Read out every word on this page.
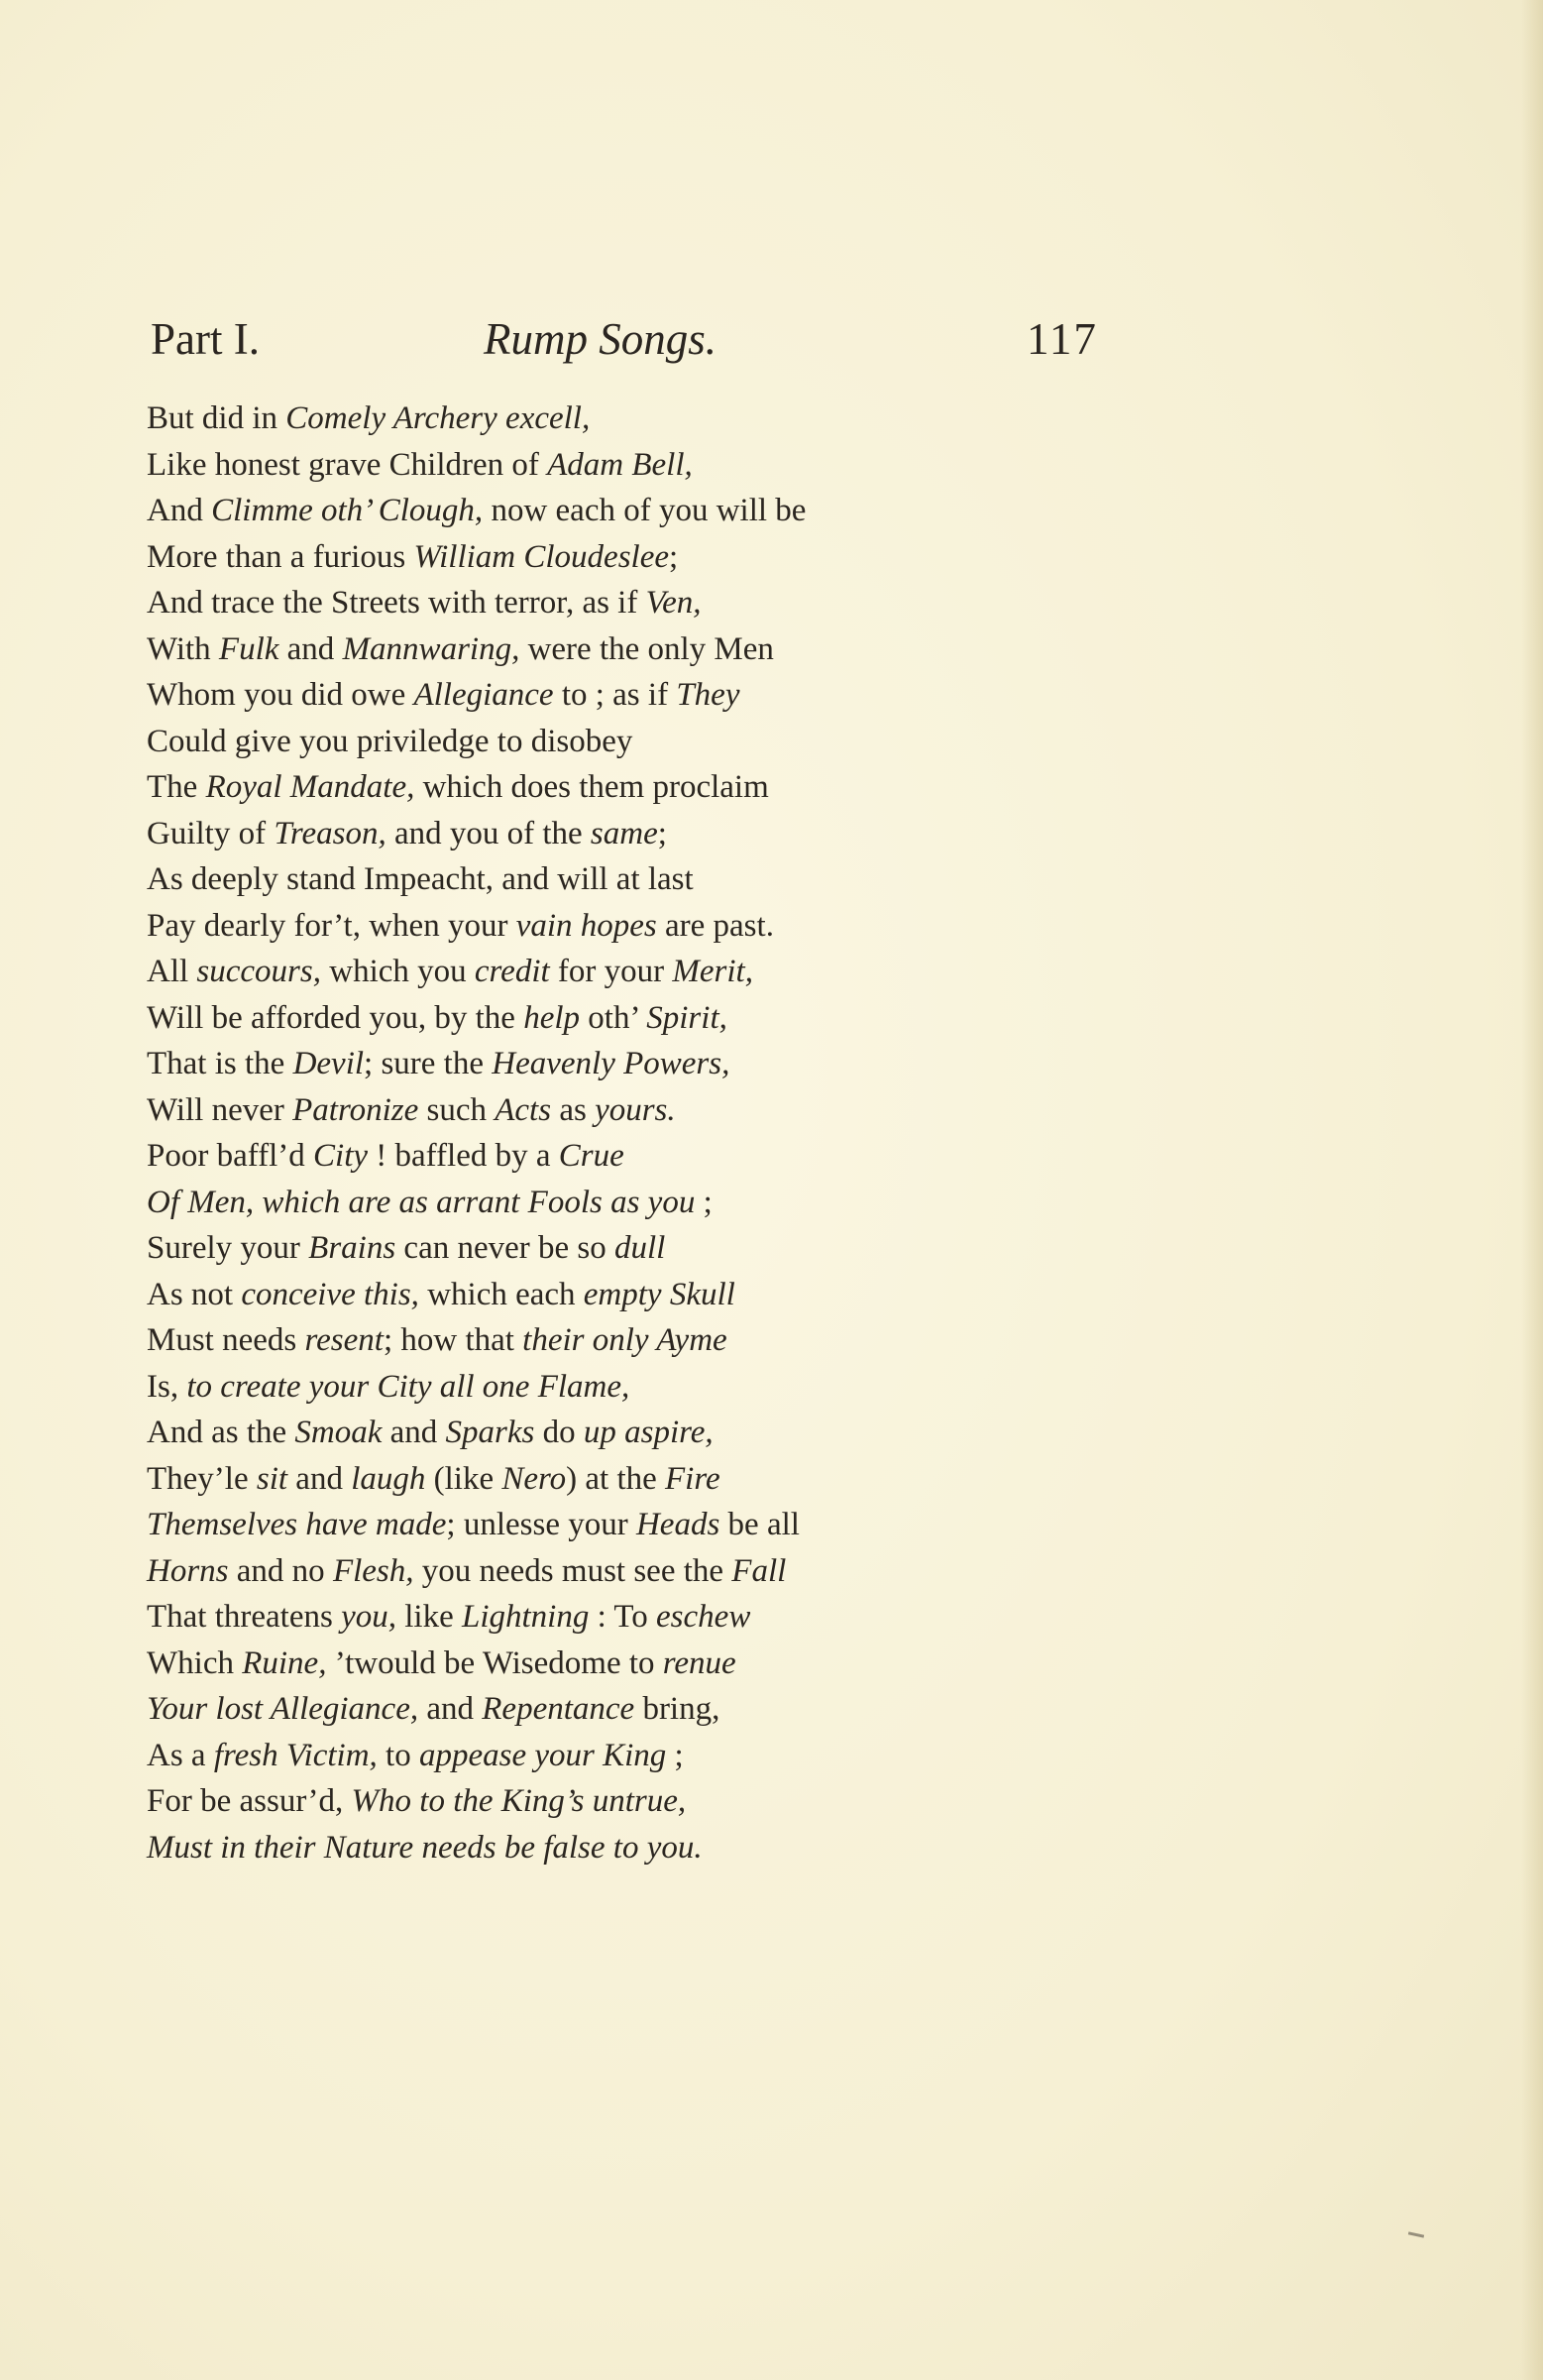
Part I.	Rump Songs.	117
But did in Comely Archery excell,
Like honest grave Children of Adam Bell,
And Climme oth’ Clough, now each of you will be
More than a furious William Cloudeslee;
And trace the Streets with terror, as if Ven,
With Fulk and Mannwaring, were the only Men
Whom you did owe Allegiance to ; as if They
Could give you priviledge to disobey
The Royal Mandate, which does them proclaim
Guilty of Treason, and you of the same;
As deeply stand Impeacht, and will at last
Pay dearly for’t, when your vain hopes are past.
All succours, which you credit for your Merit,
Will be afforded you, by the help oth’ Spirit,
That is the Devil; sure the Heavenly Powers,
Will never Patronize such Acts as yours.
Poor baffl’d City ! baffled by a Crue
Of Men, which are as arrant Fools as you ;
Surely your Brains can never be so dull
As not conceive this, which each empty Skull
Must needs resent; how that their only Ayme
Is, to create your City all one Flame,
And as the Smoak and Sparks do up aspire,
They’le sit and laugh (like Nero) at the Fire
Themselves have made; unlesse your Heads be all
Horns and no Flesh, you needs must see the Fall
That threatens you, like Lightning : To eschew
Which Ruine, ’twould be Wisedome to renue
Your lost Allegiance, and Repentance bring,
As a fresh Victim, to appease your King ;
For be assur’d, Who to the King’s untrue,
Must in their Nature needs be false to you.
